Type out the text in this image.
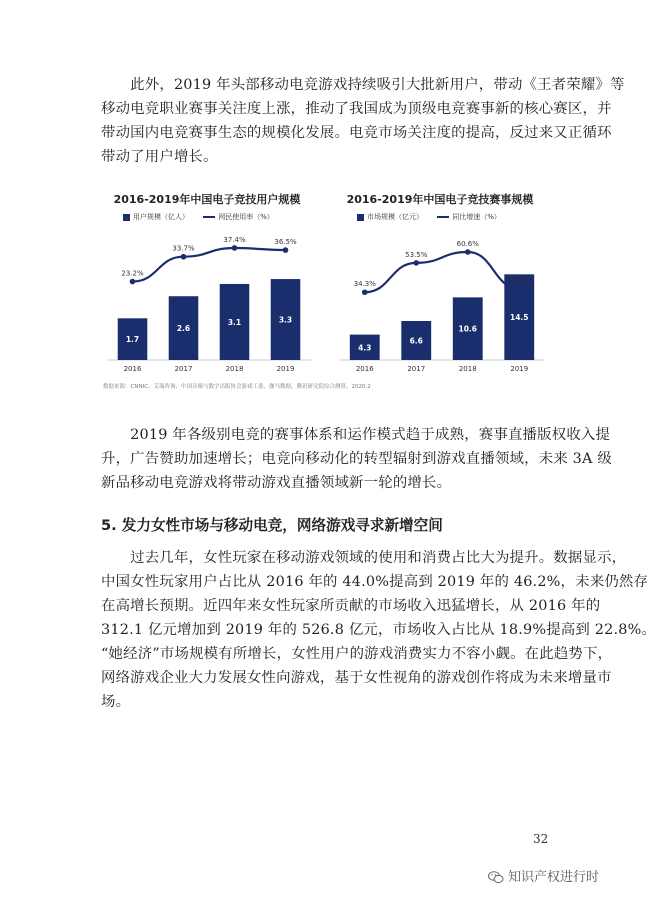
　　此外，2019 年头部移动电竞游戏持续吸引大批新用户，带动《王者荣耀》等
移动电竞职业赛事关注度上涨，推动了我国成为顶级电竞赛事新的核心赛区，并
带动国内电竞赛事生态的规模化发展。电竞市场关注度的提高，反过来又正循环
带动了用户增长。
2016-2019年中国电子竞技用户规模
用户规模（亿人）	网民使用率（%）
1.7
2016
2.6
2017
3.1
2018
3.3
2019
23.2%
33.7%
37.4%	36.5%
2016-2019年中国电子竞技赛事规模
市场规模（亿元）	同比增速（%）
4.3
2016
6.6
2017
10.6
2018
14.5
2019
34.3%
53.5%
60.6%
36.8%
数据来源：CNNIC、艾瑞咨询、中国音像与数字出版协会游戏工委、伽马数据、腾讯研究院综合测算，2020.2
　　2019 年各级别电竞的赛事体系和运作模式趋于成熟，赛事直播版权收入提
升，广告赞助加速增长；电竞向移动化的转型辐射到游戏直播领域，未来 3A 级
新品移动电竞游戏将带动游戏直播领域新一轮的增长。
5. 发力女性市场与移动电竞，网络游戏寻求新增空间
　　过去几年，女性玩家在移动游戏领域的使用和消费占比大为提升。数据显示，
中国女性玩家用户占比从 2016 年的 44.0%提高到 2019 年的 46.2%，未来仍然存
在高增长预期。近四年来女性玩家所贡献的市场收入迅猛增长，从 2016 年的
312.1 亿元增加到 2019 年的 526.8 亿元，市场收入占比从 18.9%提高到 22.8%。
“她经济”市场规模有所增长，女性用户的游戏消费实力不容小觑。在此趋势下，
网络游戏企业大力发展女性向游戏，基于女性视角的游戏创作将成为未来增量市
场。
32
知识产权进行时
